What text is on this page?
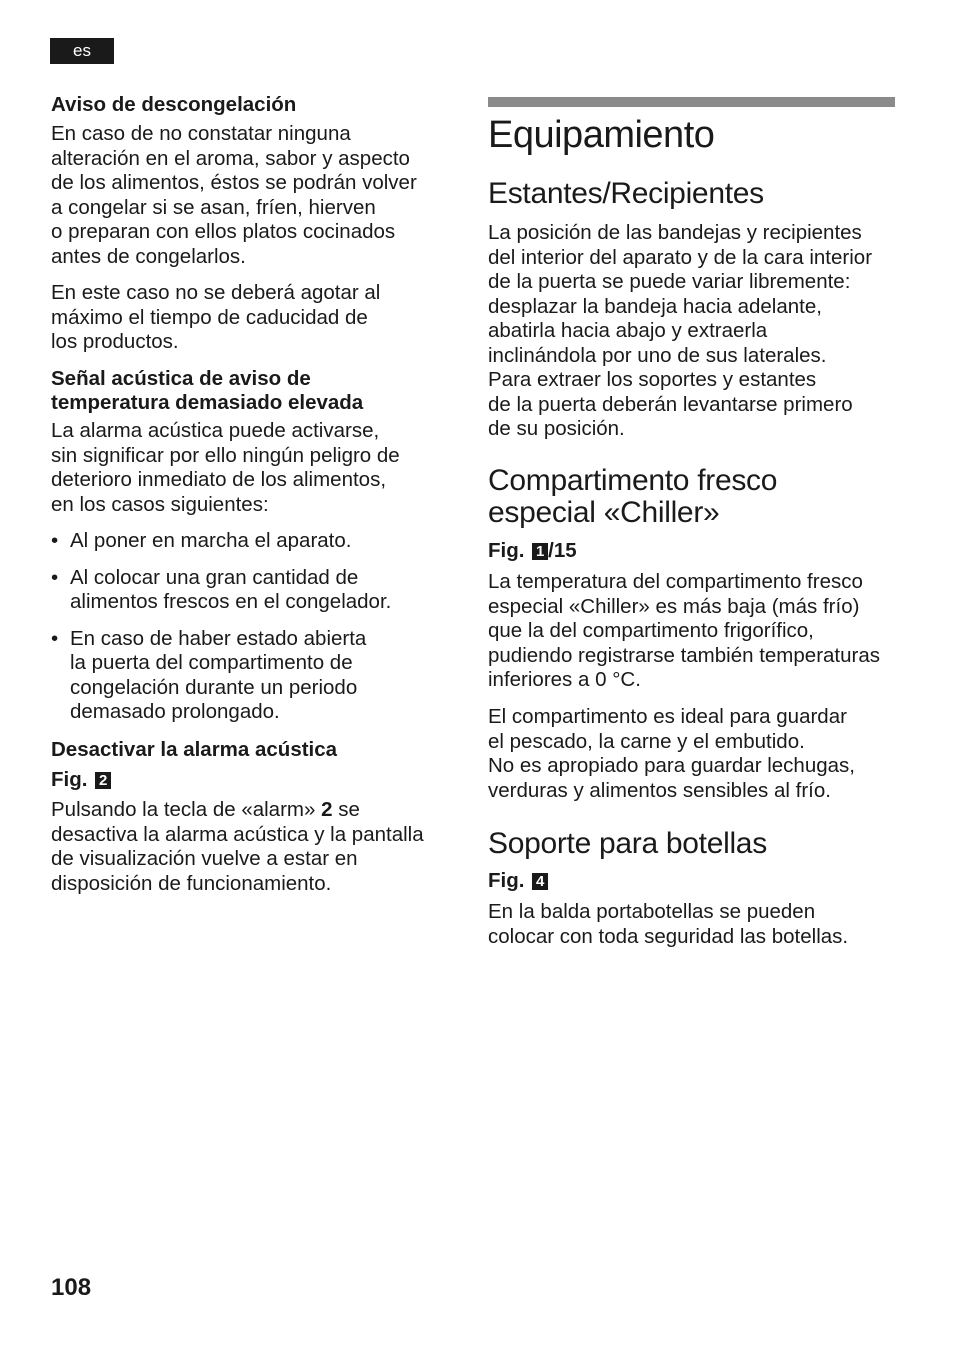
es
Aviso de descongelación

En caso de no constatar ninguna
alteración en el aroma, sabor y aspecto
de los alimentos, éstos se podrán volver
a congelar si se asan, fríen, hierven
o preparan con ellos platos cocinados
antes de congelarlos.

En este caso no se deberá agotar al
máximo el tiempo de caducidad de
los productos.

Señal acústica de aviso de
temperatura demasiado elevada

La alarma acústica puede activarse,
sin significar por ello ningún peligro de
deterioro inmediato de los alimentos,
en los casos siguientes:

• Al poner en marcha el aparato.
• Al colocar una gran cantidad de
alimentos frescos en el congelador.
• En caso de haber estado abierta
la puerta del compartimento de
congelación durante un periodo
demasado prolongado.
Desactivar la alarma acústica
Fig. 2

Pulsando la tecla de «alarm» 2 se
desactiva la alarma acústica y la pantalla
de visualización vuelve a estar en
disposición de funcionamiento.

Equipamiento
Estantes/Recipientes

La posición de las bandejas y recipientes
del interior del aparato y de la cara interior
de la puerta se puede variar libremente:
desplazar la bandeja hacia adelante,
abatirla hacia abajo y extraerla
inclinándola por uno de sus laterales.
Para extraer los soportes y estantes
de la puerta deberán levantarse primero
de su posición.

Compartimento fresco
especial «Chiller»
Fig. 1 /15

La temperatura del compartimento fresco
especial «Chiller» es más baja (más frío)
que la del compartimento frigorífico,
pudiendo registrarse también temperaturas
inferiores a 0 °C.

El compartimento es ideal para guardar
el pescado, la carne y el embutido.
No es apropiado para guardar lechugas,
verduras y alimentos sensibles al frío.

Soporte para botellas
Fig. 4

En la balda portabotellas se pueden
colocar con toda seguridad las botellas.

108
